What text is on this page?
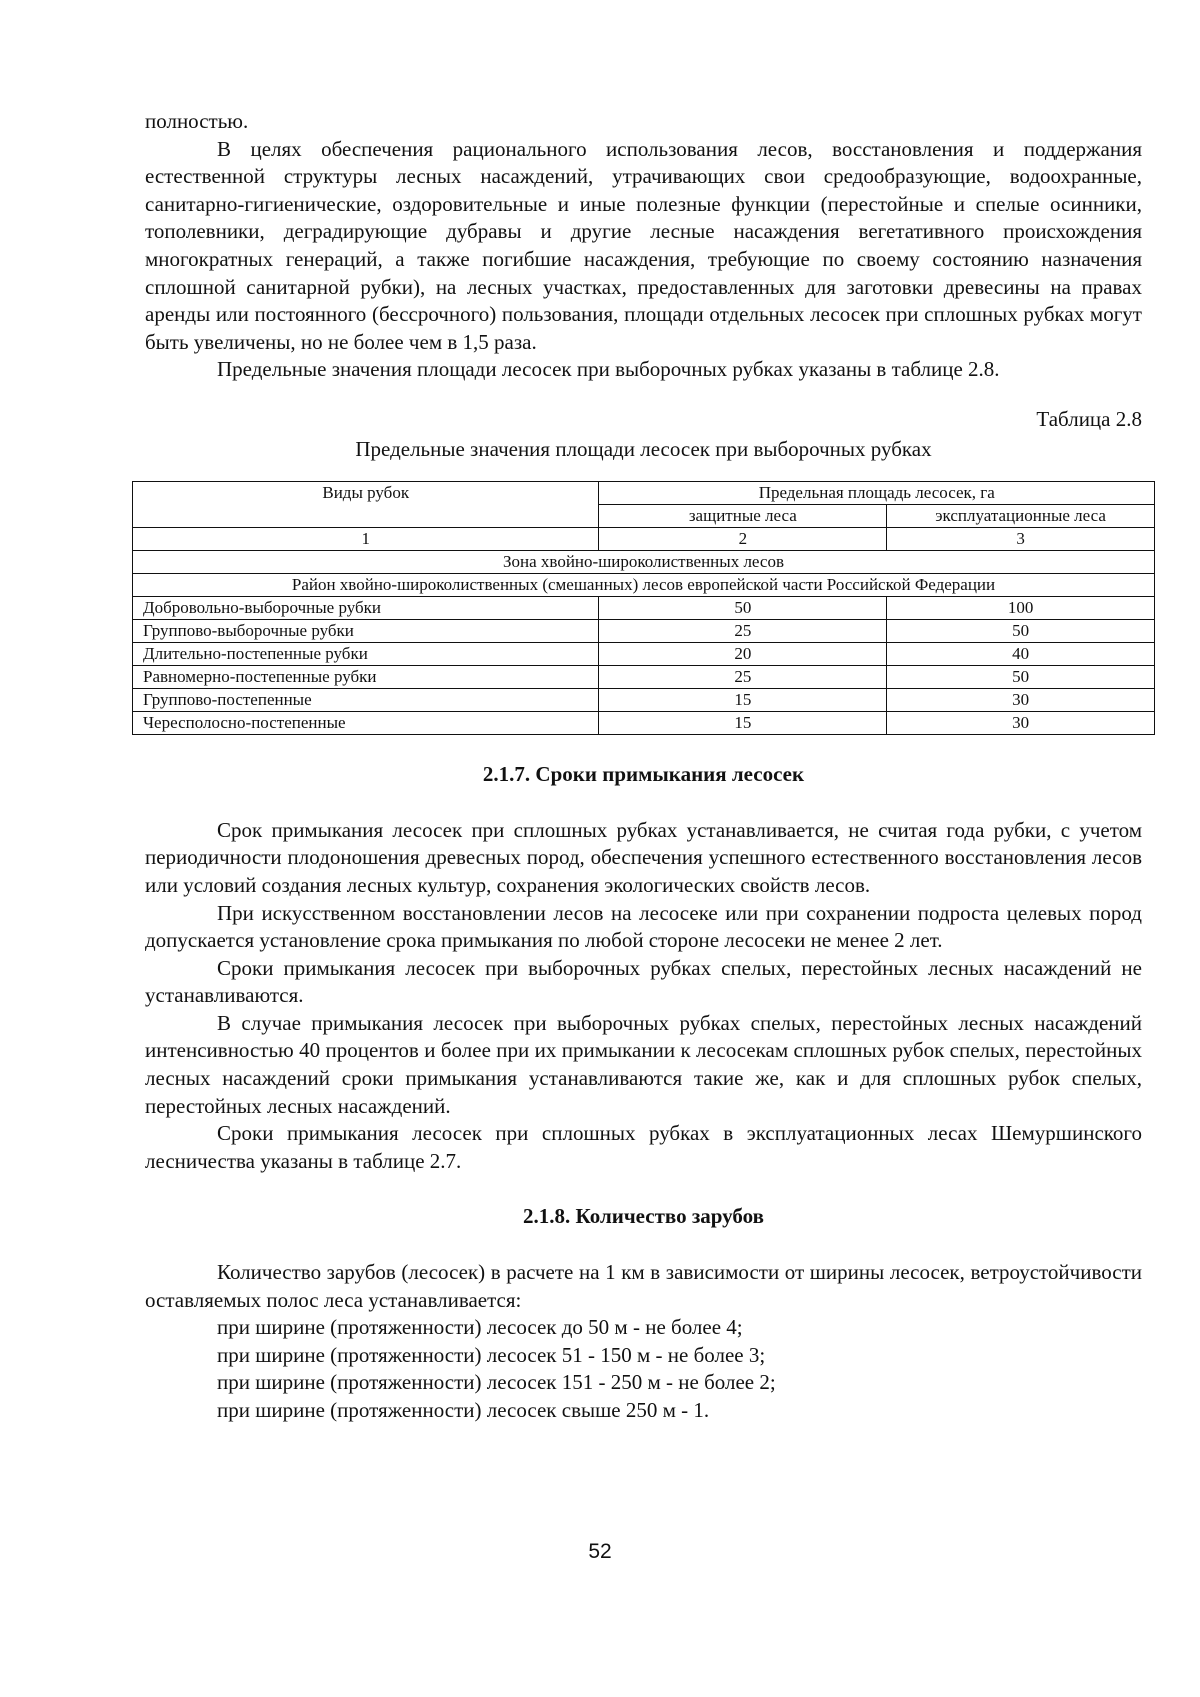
полностью.

В целях обеспечения рационального использования лесов, восстановления и поддержания естественной структуры лесных насаждений, утрачивающих свои средообразующие, водоохранные, санитарно-гигиенические, оздоровительные и иные полезные функции (перестойные и спелые осинники, тополевники, деградирующие дубравы и другие лесные насаждения вегетативного происхождения многократных генераций, а также погибшие насаждения, требующие по своему состоянию назначения сплошной санитарной рубки), на лесных участках, предоставленных для заготовки древесины на правах аренды или постоянного (бессрочного) пользования, площади отдельных лесосек при сплошных рубках могут быть увеличены, но не более чем в 1,5 раза.

Предельные значения площади лесосек при выборочных рубках указаны в таблице 2.8.

Таблица 2.8

Предельные значения площади лесосек при выборочных рубках

Виды рубок	Предельная площадь лесосек, га	
	защитные леса	эксплуатационные леса
1	2	3
Зона хвойно-широколиственных лесов		
Район хвойно-широколиственных (смешанных) лесов европейской части Российской Федерации		
Добровольно-выборочные рубки	50	100
Группово-выборочные рубки	25	50
Длительно-постепенные рубки	20	40
Равномерно-постепенные рубки	25	50
Группово-постепенные	15	30
Чересполосно-постепенные	15	30
2.1.7. Сроки примыкания лесосек

Срок примыкания лесосек при сплошных рубках устанавливается, не считая года рубки, с учетом периодичности плодоношения древесных пород, обеспечения успешного естественного восстановления лесов или условий создания лесных культур, сохранения экологических свойств лесов.

При искусственном восстановлении лесов на лесосеке или при сохранении подроста целевых пород допускается установление срока примыкания по любой стороне лесосеки не менее 2 лет.

Сроки примыкания лесосек при выборочных рубках спелых, перестойных лесных насаждений не устанавливаются.

В случае примыкания лесосек при выборочных рубках спелых, перестойных лесных насаждений интенсивностью 40 процентов и более при их примыкании к лесосекам сплошных рубок спелых, перестойных лесных насаждений сроки примыкания устанавливаются такие же, как и для сплошных рубок спелых, перестойных лесных насаждений.

Сроки примыкания лесосек при сплошных рубках в эксплуатационных лесах Шемуршинского лесничества указаны в таблице 2.7.

2.1.8. Количество зарубов

Количество зарубов (лесосек) в расчете на 1 км в зависимости от ширины лесосек, ветроустойчивости оставляемых полос леса устанавливается:

при ширине (протяженности) лесосек до 50 м - не более 4;

при ширине (протяженности) лесосек 51 - 150 м - не более 3;

при ширине (протяженности) лесосек 151 - 250 м - не более 2;

при ширине (протяженности) лесосек свыше 250 м - 1.

52
